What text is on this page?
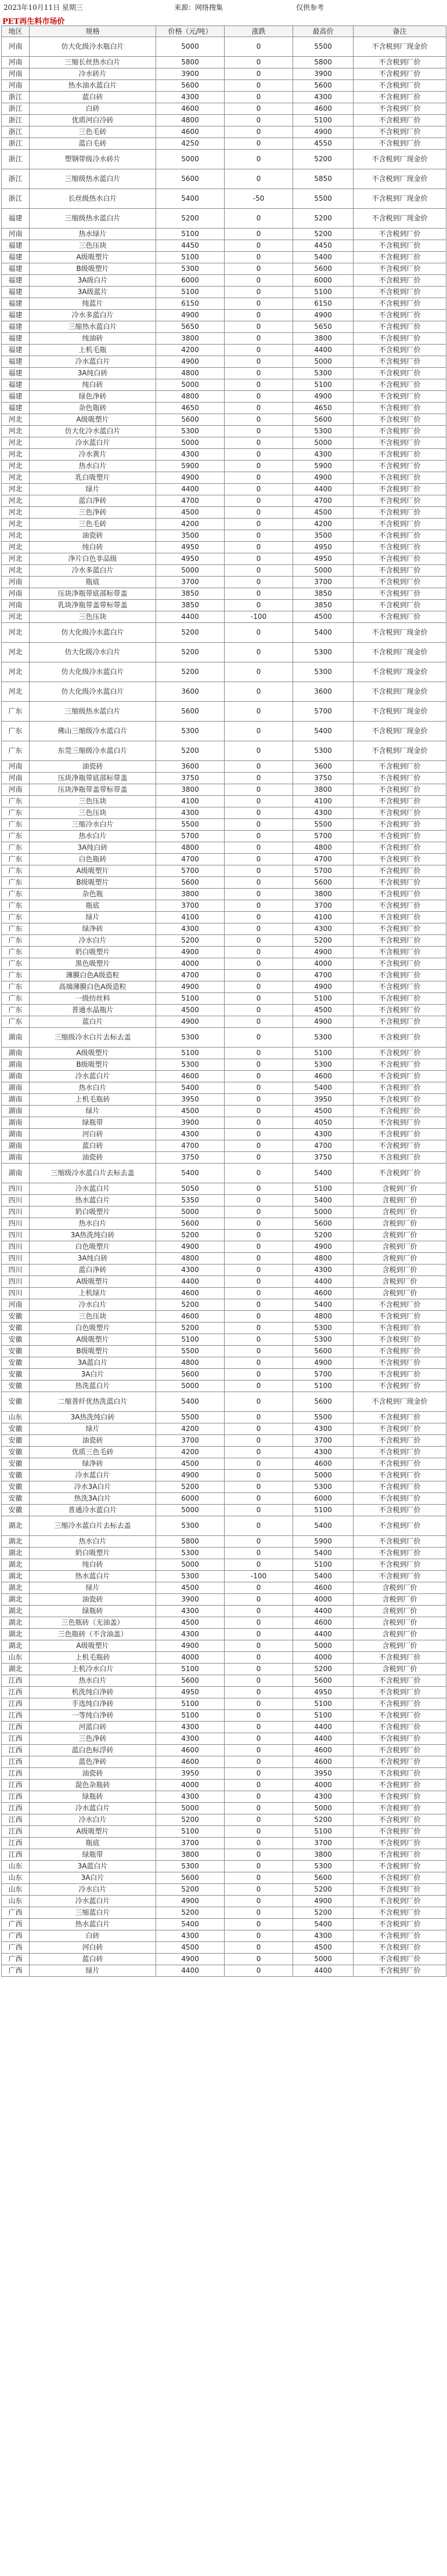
2023年10月11日 星期三	来源：网络搜集	仅供参考
PET再生料市场价
地区	规格	价格（元/吨）	涨跌	最高价	备注
河南	仿大化级冷水瓶白片	5000	0	5500	不含税到厂现金价
河南	三缩长丝热水白片	5800	0	5800	不含税到厂价
河南	冷水砖片	3900	0	3900	不含税到厂价
河南	热水油水蓝白片	5600	0	5600	不含税到厂价
浙江	蓝白砖	4300	0	4300	不含税到厂价
浙江	白砖	4600	0	4600	不含税到厂价
浙江	优质河白冷砖	4800	0	5100	不含税到厂价
浙江	三色毛砖	4600	0	4900	不含税到厂价
浙江	蓝白毛砖	4250	0	4550	不含税到厂价
浙江	塑钢带级冷水砖片	5000	0	5200	不含税到厂现金价
浙江	三缩级热水蓝白片	5600	0	5850	不含税到厂现金价
浙江	长丝级热水白片	5400	-50	5500	不含税到厂现金价
福建	三缩级热水蓝白片	5200	0	5200	不含税到厂现金价
河南	热水绿片	5100	0	5200	不含税到厂价
福建	三色压块	4450	0	4450	不含税到厂价
福建	A级吸塑片	5100	0	5400	不含税到厂价
福建	B级吸塑片	5300	0	5600	不含税到厂价
福建	3A级白片	6000	0	6000	不含税到厂价
福建	3A级蓝片	5100	0	5100	不含税到厂价
福建	纯蓝片	6150	0	6150	不含税到厂价
福建	冷水多蓝白片	4900	0	4900	不含税到厂价
福建	三缩热水蓝白片	5650	0	5650	不含税到厂价
福建	纯油砖	3800	0	3800	不含税到厂价
福建	上机毛瓶	4200	0	4400	不含税到厂价
福建	冷水蓝白片	4900	0	5000	不含税到厂价
福建	3A纯白砖	4800	0	5300	不含税到厂价
福建	纯白砖	5000	0	5100	不含税到厂价
福建	绿色净砖	4800	0	4900	不含税到厂价
福建	杂色瓶砖	4650	0	4650	不含税到厂价
河北	A级吸塑片	5600	0	5600	不含税到厂价
河北	仿大化冷水蓝白片	5300	0	5300	不含税到厂价
河北	冷水蓝白片	5000	0	5000	不含税到厂价
河北	冷水黄片	4300	0	4300	不含税到厂价
河北	热水白片	5900	0	5900	不含税到厂价
河北	乳白吸塑片	4900	0	4900	不含税到厂价
河北	绿片	4400	0	4400	不含税到厂价
河北	蓝白净砖	4700	0	4700	不含税到厂价
河北	三色净砖	4500	0	4500	不含税到厂价
河北	三色毛砖	4200	0	4200	不含税到厂价
河北	油瓷砖	3500	0	3500	不含税到厂价
河北	纯白砖	4950	0	4950	不含税到厂价
河北	净片白色非品级	4950	0	4950	不含税到厂价
河北	冷水多蓝白片	5000	0	5000	不含税到厂价
河南	瓶底	3700	0	3700	不含税到厂价
河南	压块净瓶带底部标带盖	3850	0	3850	不含税到厂价
河南	乳块净瓶带盖带标带盖	3850	0	3850	不含税到厂价
河北	三色压块	4400	-100	4500	不含税到厂价
河北	仿大化级冷水蓝白片	5200	0	5400	不含税到厂现金价
河北	仿大化级冷水白片	5200	0	5300	不含税到厂现金价
河北	仿大化级冷水蓝白片	5200	0	5300	不含税到厂现金价
河北	仿大化级冷水蓝白片	3600	0	3600	不含税到厂现金价
广东	三缩级热水蓝白片	5600	0	5700	不含税到厂现金价
广东	佛山三缩级冷水蓝白片	5300	0	5400	不含税到厂现金价
广东	东莞三缩级冷水蓝白片	5200	0	5300	不含税到厂现金价
河南	油瓷砖	3600	0	3600	不含税到厂价
河南	压块净瓶带底部标带盖	3750	0	3750	不含税到厂价
河南	压块净瓶带盖带标带盖	3800	0	3800	不含税到厂价
广东	三色压块	4100	0	4100	不含税到厂价
广东	三色压块	4300	0	4300	不含税到厂价
广东	三缩冷水白片	5500	0	5500	不含税到厂价
广东	热水白片	5700	0	5700	不含税到厂价
广东	3A纯白砖	4800	0	4800	不含税到厂价
广东	白色瓶砖	4700	0	4700	不含税到厂价
广东	A级吸塑片	5700	0	5700	不含税到厂价
广东	B级吸塑片	5600	0	5600	不含税到厂价
广东	杂色瓶	3800	0	3800	不含税到厂价
广东	瓶底	3700	0	3700	不含税到厂价
广东	绿片	4100	0	4100	不含税到厂价
广东	绿净砖	4300	0	4300	不含税到厂价
广东	冷水白片	5200	0	5200	不含税到厂价
广东	奶白吸塑片	4900	0	4900	不含税到厂价
广东	黑色吸塑片	4000	0	4000	不含税到厂价
广东	薄膜白色A级造粒	4700	0	4700	不含税到厂价
广东	高端薄膜白色A级造粒	4900	0	4900	不含税到厂价
广东	一级纺丝料	5100	0	5100	不含税到厂价
广东	普通水晶瓶片	4500	0	4500	不含税到厂价
广东	蓝白片	4900	0	4900	不含税到厂价
湖南	三缩级冷水白片去标去盖	5300	0	5300	不含税到厂价
湖南	A级吸塑片	5100	0	5100	不含税到厂价
湖南	B级吸塑片	5300	0	5300	不含税到厂价
湖南	冷水蓝白片	4600	0	4600	不含税到厂价
湖南	热水白片	5400	0	5400	不含税到厂价
湖南	上机毛瓶砖	3950	0	3950	不含税到厂价
湖南	绿片	4500	0	4500	不含税到厂价
湖南	绿瓶带	3900	0	4050	不含税到厂价
湖南	河白砖	4300	0	4300	不含税到厂价
湖南	蓝白砖	4700	0	4700	不含税到厂价
湖南	油瓷砖	3750	0	3750	不含税到厂价
湖南	三缩级冷水蓝白片去标去盖	5400	0	5400	不含税到厂价
四川	冷水蓝白片	5050	0	5100	含税到厂价
四川	热水蓝白片	5350	0	5400	含税到厂价
四川	奶白吸塑片	5000	0	5000	含税到厂价
四川	热水白片	5600	0	5600	含税到厂价
四川	3A热洗纯白砖	5200	0	5200	含税到厂价
四川	白色吸塑片	4900	0	4900	含税到厂价
四川	3A纯白砖	4800	0	4800	含税到厂价
四川	蓝白净砖	4300	0	4300	含税到厂价
四川	A级吸塑片	4400	0	4400	含税到厂价
四川	上机绿片	4600	0	4600	含税到厂价
河南	冷水白片	5200	0	5400	不含税到厂价
安徽	三色压块	4600	0	4800	不含税到厂价
安徽	白色吸塑片	5200	0	5300	不含税到厂价
安徽	A级吸塑片	5100	0	5300	不含税到厂价
安徽	B级吸塑片	5500	0	5600	不含税到厂价
安徽	3A蓝白片	4800	0	4900	不含税到厂价
安徽	3A白片	5600	0	5700	不含税到厂价
安徽	热洗蓝白片	5000	0	5100	不含税到厂价
安徽	二缩普纤优热洗蓝白片	5400	0	5600	不含税到厂现金价
山东	3A热洗纯白砖	5500	0	5500	不含税到厂价
安徽	绿片	4200	0	4300	不含税到厂价
安徽	油瓷砖	3700	0	3700	不含税到厂价
安徽	优质三色毛砖	4200	0	4300	不含税到厂价
安徽	绿净砖	4500	0	4600	不含税到厂价
安徽	冷水蓝白片	4900	0	5000	不含税到厂价
安徽	冷水3A白片	5200	0	5300	不含税到厂价
安徽	热洗3A白片	6000	0	6000	不含税到厂价
安徽	普通冷水蓝白片	5000	0	5100	不含税到厂价
湖北	三缩冷水蓝白片去标去盖	5300	0	5400	不含税到厂价
湖北	热水白片	5800	0	5900	不含税到厂价
湖北	奶白吸塑片	5300	0	5400	不含税到厂价
湖北	纯白砖	5000	0	5100	不含税到厂价
湖北	热水蓝白片	5300	-100	5400	不含税到厂价
湖北	绿片	4500	0	4600	含税到厂价
湖北	油瓷砖	3900	0	4000	含税到厂价
湖北	绿瓶砖	4300	0	4400	含税到厂价
湖北	三色瓶砖（无油盖）	4500	0	4600	含税到厂价
湖北	三色瓶砖（不含油盖）	4300	0	4400	含税到厂价
湖北	A级吸塑片	4900	0	5000	含税到厂价
山东	上机毛瓶砖	4000	0	4000	不含税到厂价
湖北	上机冷水白片	5100	0	5200	含税到厂价
江西	热水白片	5600	0	5600	不含税到厂价
江西	机洗纯白净砖	4950	0	4950	不含税到厂价
江西	手选纯白净砖	5100	0	5100	不含税到厂价
江西	一等纯白净砖	5100	0	5100	不含税到厂价
江西	河蓝白砖	4300	0	4400	不含税到厂价
江西	三色净砖	4300	0	4400	不含税到厂价
江西	蓝白色标浮砖	4600	0	4600	不含税到厂价
江西	蓝色净砖	4600	0	4600	不含税到厂价
江西	油瓷砖	3950	0	3950	不含税到厂价
江西	混色杂瓶砖	4000	0	4000	不含税到厂价
江西	绿瓶砖	4300	0	4300	不含税到厂价
江西	冷水蓝白片	5000	0	5000	不含税到厂价
江西	冷水白片	5200	0	5200	不含税到厂价
江西	A级吸塑片	5100	0	5100	不含税到厂价
江西	瓶底	3700	0	3700	不含税到厂价
江西	绿瓶带	3800	0	3800	不含税到厂价
山东	3A蓝白片	5300	0	5300	不含税到厂价
山东	3A白片	5600	0	5600	不含税到厂价
山东	冷水白片	5200	0	5200	不含税到厂价
山东	冷水蓝白片	4900	0	4900	不含税到厂价
广西	三缩蓝白片	5200	0	5200	不含税到厂价
广西	热水蓝白片	5400	0	5400	不含税到厂价
广西	白砖	4300	0	4300	不含税到厂价
广西	河白砖	4500	0	4500	不含税到厂价
广西	蓝白砖	4900	0	5000	不含税到厂价
广西	绿片	4400	0	4400	不含税到厂价
